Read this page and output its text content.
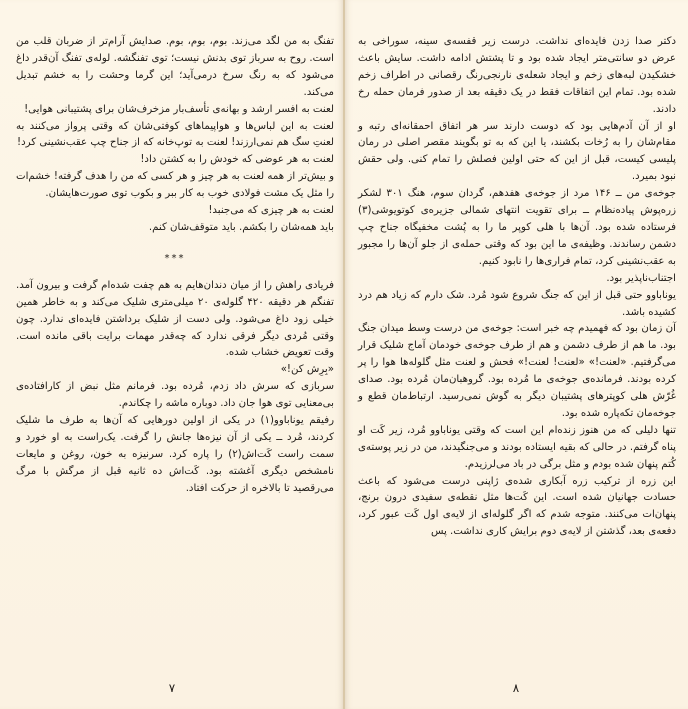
تفنگ به من لگد می‌زند. بوم، بوم، بوم. صدایش آرام‌تر از ضربان قلب من است. روح به سرباز توی بدنش نیست؛ توی تفنگشه. لوله‌ی تفنگ آن‌قدر داغ می‌شود که به رنگ سرخ درمی‌آید؛ این گرما وحشت را به خشم تبدیل می‌کند.

لعنت به افسر ارشد و بهانه‌ی تأسف‌بار مزخرف‌شان برای پشتیبانی هوایی!

لعنت به این لباس‌ها و هواپیماهای کوفتی‌شان که وقتی پرواز می‌کنند به لعنتِ سگ هم نمی‌ارزند! لعنت به توپ‌خانه که از جناح چپ عقب‌نشینی کرد!

لعنت به هر عوضی که خودش را به کشتن داد!

و بیش‌تر از همه لعنت به هر چیز و هر کسی که من را هدف گرفته! خشم‌ات را مثل یک مشت فولادی خوب به کار ببر و بکوب توی صورت‌هایشان.

لعنت به هر چیزی که می‌جنبد!

باید همه‌شان را بکشم. باید متوقف‌شان کنم.

***

فریادی راهش را از میان دندان‌هایم به هم چفت شده‌ام گرفت و بیرون آمد. تفنگم هر دقیقه ۴۲۰ گلوله‌ی ۲۰ میلی‌متری شلیک می‌کند و به خاطر همین خیلی زود داغ می‌شود. ولی دست از شلیک برداشتن فایده‌ای ندارد. چون وقتی مُردی دیگر فرقی ندارد که چه‌قدر مهمات برایت باقی مانده است. وقت تعویض خشاب شده.

«بِرِش کن!»

سربازی که سرش داد زدم، مُرده بود. فرمانم مثل نبض از کارافتاده‌ی بی‌معنایی توی هوا جان داد. دوباره ماشه را چکاندم.

رفیقم یوناباوو(۱) در یکی از اولین دورهایی که آن‌ها به طرف ما شلیک کردند، مُرد ــ یکی از آن نیزه‌ها جانش را گرفت. یک‌راست به او خورد و سمت راست کَت‌اش(۲) را پاره کرد. سرنیزه به خون، روغن و مایعات نامشخص دیگری آغشته بود. کَت‌اش ده ثانیه قبل از مرگش با مرگ می‌رقصید تا بالاخره از حرکت افتاد.

۷

دکتر صدا زدن فایده‌ای نداشت. درست زیر قفسه‌ی سینه، سوراخی به عرض دو سانتی‌متر ایجاد شده بود و تا پشتش ادامه داشت. سایش باعث خشکیدن لبه‌های زخم و ایجاد شعله‌ی نارنجی‌رنگ رقصانی در اطراف زخم شده بود. تمام این اتفاقات فقط در یک دقیقه بعد از صدور فرمان حمله رخ دادند.

او از آن آدم‌هایی بود که دوست دارند سر هر اتفاق احمقانه‌ای رتبه و مقام‌شان را به رُخات بکشند، یا این که به تو بگویند مقصر اصلی در رمان پلیسی کیست، قبل از این که حتی اولین فصلش را تمام کنی. ولی حقش نبود بمیرد.

جوخه‌ی من ــ ۱۴۶ مرد از جوخه‌ی هفدهم، گردان سوم، هنگ ۳۰۱ لشکر زره‌پوش پیاده‌نظام ــ برای تقویت انتهای شمالی جزیره‌ی کوتویوشی(۳) فرستاده شده بود. آن‌ها با هلی کوپر ما را به پُشت مخفیگاه جناح چپ دشمن رساندند. وظیفه‌ی ما این بود که وقتی حمله‌ی از جلو آن‌ها را مجبور به عقب‌نشینی کرد، تمام فراری‌ها را نابود کنیم.

اجتناب‌ناپذیر بود.

یوناباوو حتی قبل از این که جنگ شروع شود مُرد. شک دارم که زیاد هم درد کشیده باشد.

آن زمان بود که فهمیدم چه خبر است: جوخه‌ی من درست وسط میدان جنگ بود. ما هم از طرف دشمن و هم از طرف جوخه‌ی خودمان آماج شلیک قرار می‌گرفتیم. «لعنت!» «لعنت! لعنت!» فحش و لعنت مثل گلوله‌ها هوا را پر کرده بودند. فرمانده‌ی جوخه‌ی ما مُرده بود. گروهبان‌مان مُرده بود. صدای غُرّش هلی کوپترهای پشتیبان دیگر به گوش نمی‌رسید. ارتباط‌مان قطع و جوخه‌مان تکه‌پاره شده بود.

تنها دلیلی که من هنوز زنده‌ام این است که وقتی یوناباوو مُرد، زیر کَت او پناه گرفتم. در حالی که بقیه ایستاده بودند و می‌جنگیدند، من در زیر پوسته‌ی کُتم پنهان شده بودم و مثل برگی در باد می‌لرزیدم.

این زره از ترکیب زره آبکاری شده‌ی ژاپنی درست می‌شود که باعث حسادت جهانیان شده است. این کَت‌ها مثل نقطه‌ی سفیدی درون برنج، پنهان‌ات می‌کنند. متوجه شدم که اگر گلوله‌ای از لایه‌ی اول کَت عبور کرد، دفعه‌ی بعد، گذشتن از لایه‌ی دوم برایش کاری نداشت. پس

۸
